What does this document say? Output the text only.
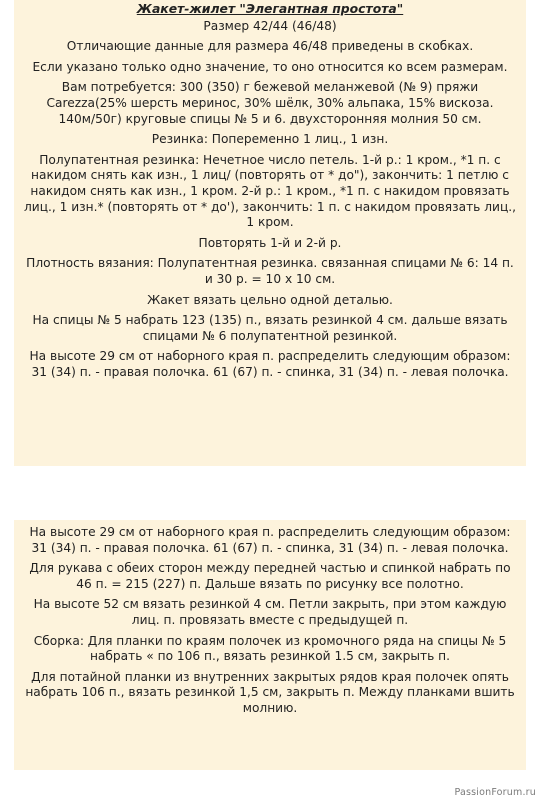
Жакет-жилет "Элегантная простота"

Размер 42/44 (46/48)

Отличающие данные для размера 46/48 приведены в скобках.

Если указано только одно значение, то оно относится ко всем размерам.

Вам потребуется: 300 (350) г бежевой меланжевой (№ 9) пряжи Carezza(25% шерсть меринос, 30% шёлк, 30% альпака, 15% вискоза. 140м/50г) круговые спицы № 5 и 6. двухсторонняя молния 50 см.

Резинка: Попеременно 1 лиц., 1 изн.

Полупатентная резинка: Нечетное число петель. 1-й р.: 1 кром., *1 п. с накидом снять как изн., 1 лиц/ (повторять от * до"), закончить: 1 петлю с накидом снять как изн., 1 кром. 2-й р.: 1 кром., *1 п. с накидом провязать лиц., 1 изн.* (повторять от * до'), закончить: 1 п. с накидом провязать лиц., 1 кром.

Повторять 1-й и 2-й р.

Плотность вязания: Полупатентная резинка. связанная спицами № 6: 14 п. и 30 р. = 10 х 10 см.

Жакет вязать цельно одной деталью.

На спицы № 5 набрать 123 (135) п., вязать резинкой 4 см. дальше вязать спицами № 6 полупатентной резинкой.

На высоте 29 см от наборного края п. распределить следующим образом: 31 (34) п. - правая полочка. 61 (67) п. - спинка, 31 (34) п. - левая полочка.

На высоте 29 см от наборного края п. распределить следующим образом: 31 (34) п. - правая полочка. 61 (67) п. - спинка, 31 (34) п. - левая полочка.

Для рукава с обеих сторон между передней частью и спинкой набрать по 46 п. = 215 (227) п. Дальше вязать по рисунку все полотно.

На высоте 52 см вязать резинкой 4 см. Петли закрыть, при этом каждую лиц. п. провязать вместе с предыдущей п.

Сборка: Для планки по краям полочек из кромочного ряда на спицы № 5 набрать « по 106 п., вязать резинкой 1.5 см, закрыть п.

Для потайной планки из внутренних закрытых рядов края полочек опять набрать 106 п., вязать резинкой 1,5 см, закрыть п. Между планками вшить молнию.

PassionForum.ru
